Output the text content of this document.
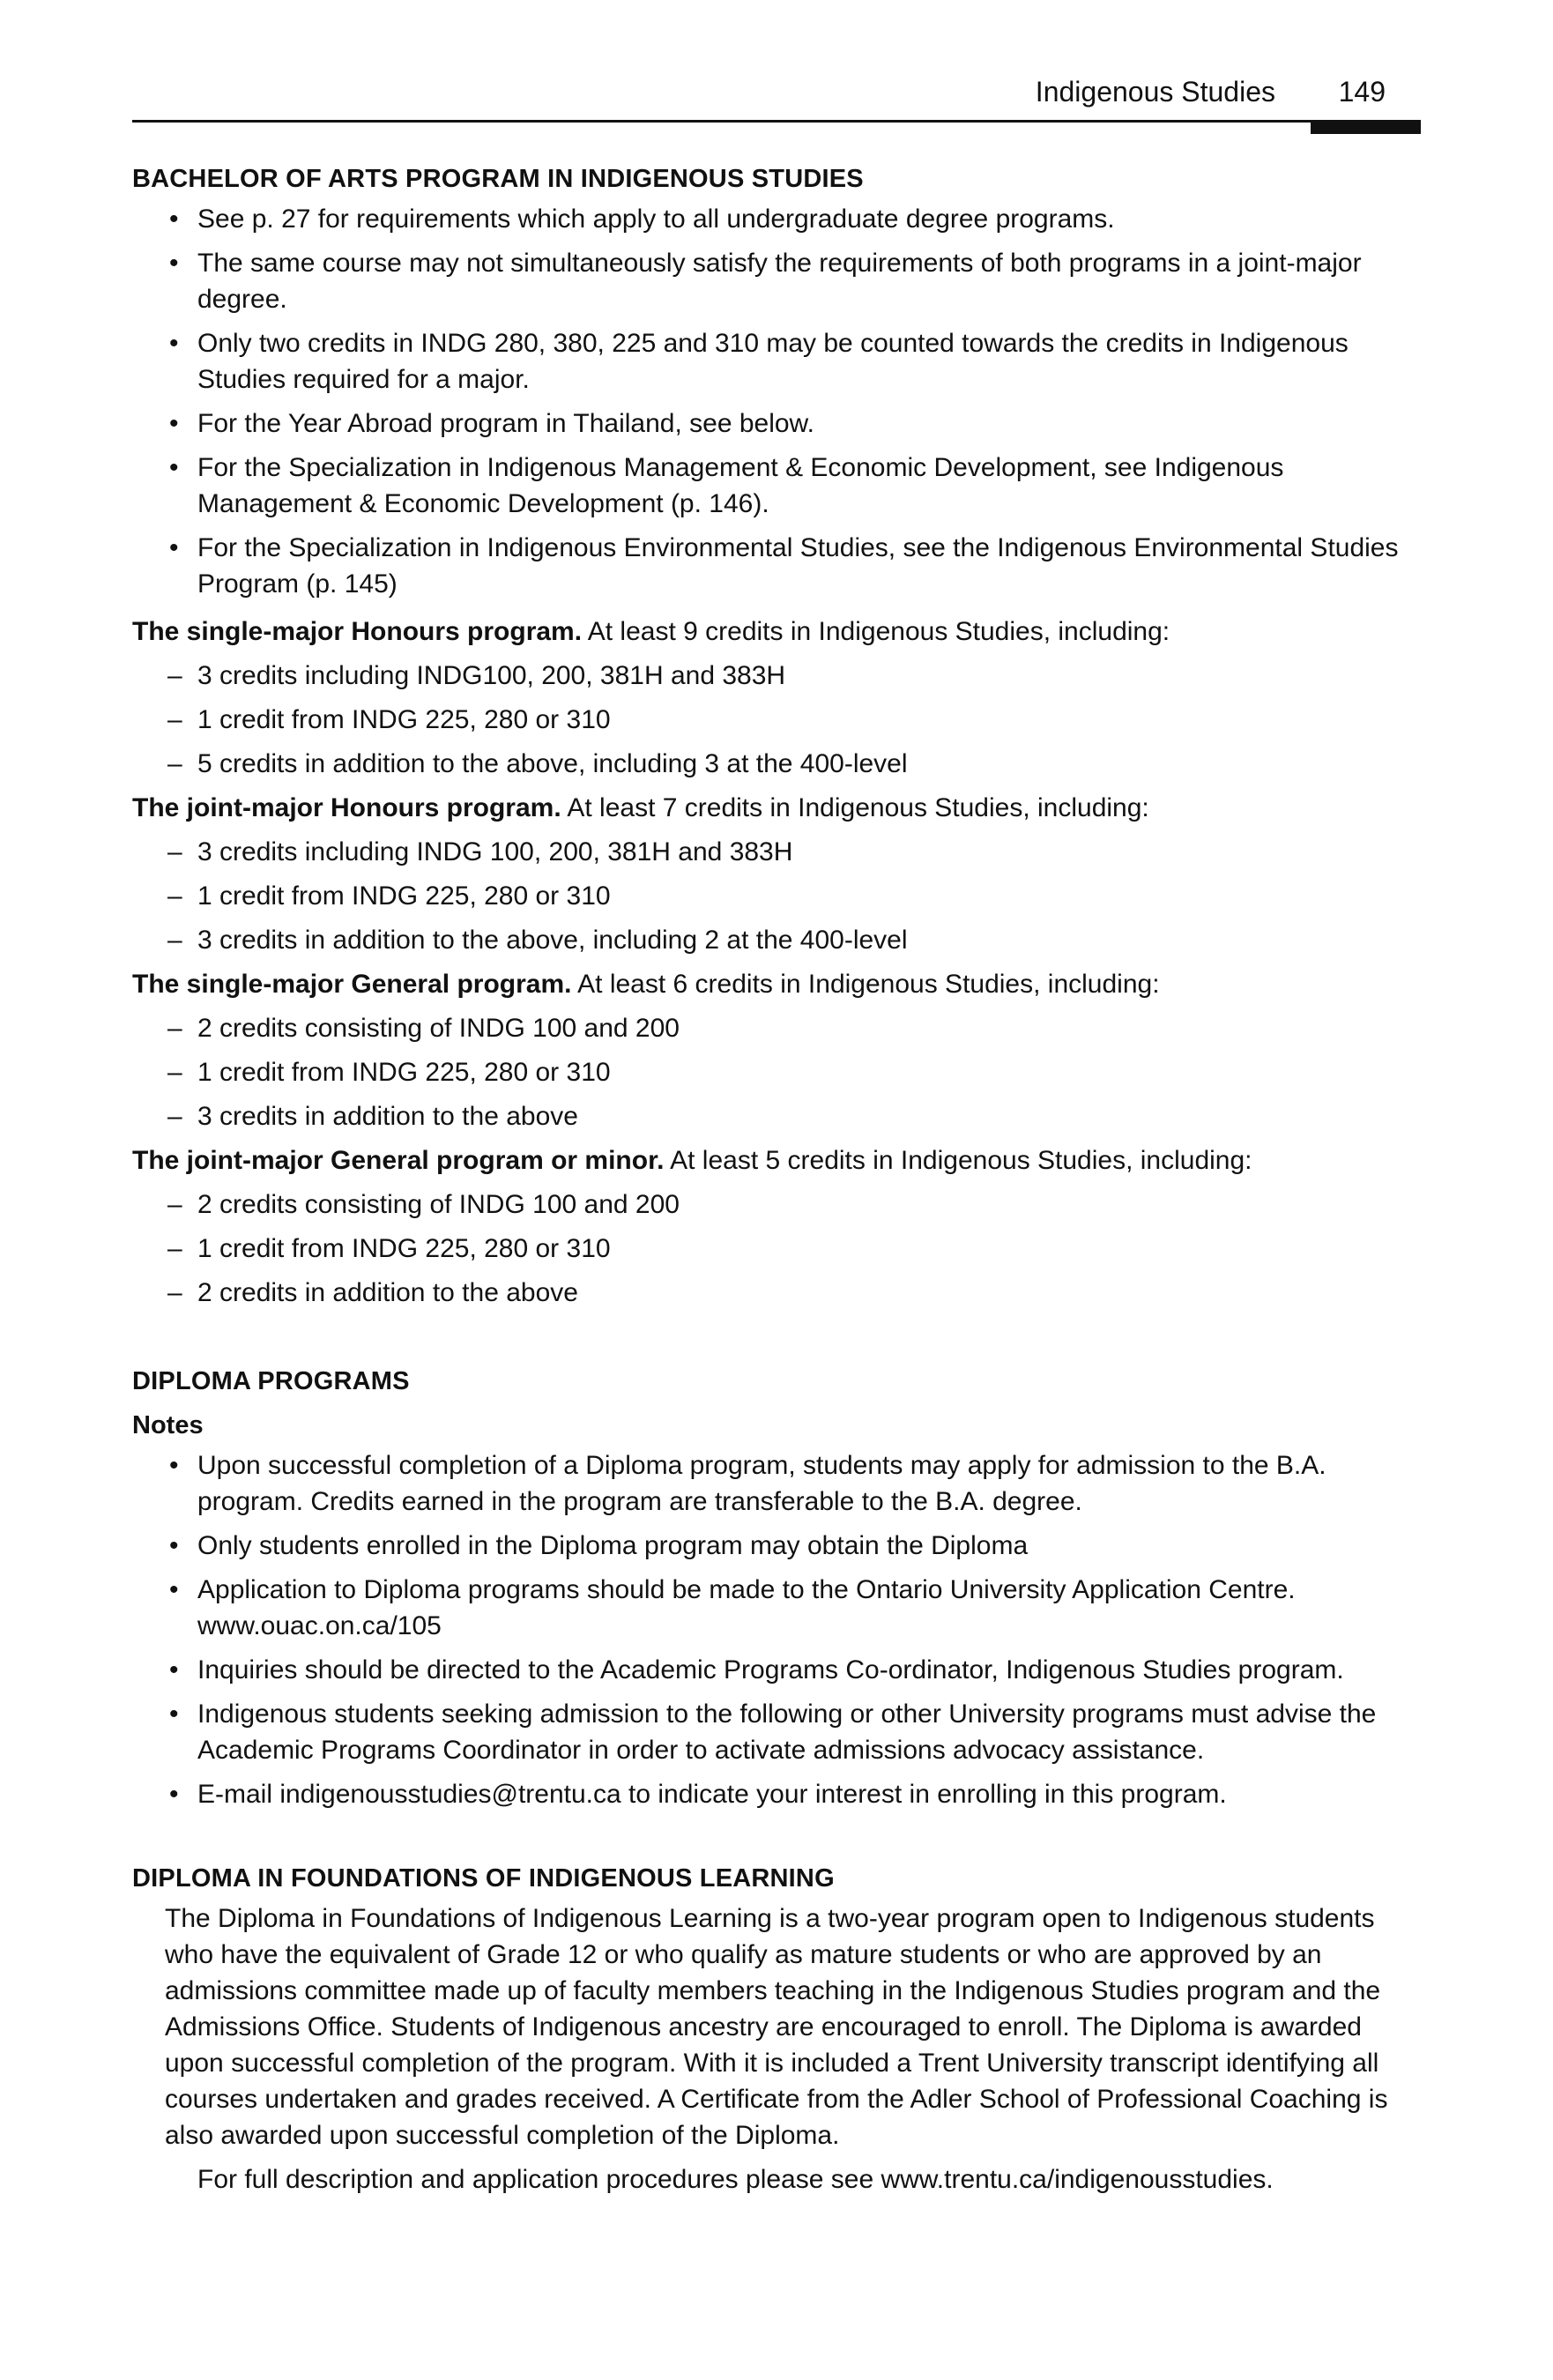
Indigenous Studies 149
BACHELOR OF ARTS PROGRAM IN INDIGENOUS STUDIES
• See p. 27 for requirements which apply to all undergraduate degree programs.
• The same course may not simultaneously satisfy the requirements of both programs in a joint-major degree.
• Only two credits in INDG 280, 380, 225 and 310 may be counted towards the credits in Indigenous Studies required for a major.
• For the Year Abroad program in Thailand, see below.
• For the Specialization in Indigenous Management & Economic Development, see Indigenous Management & Economic Development (p. 146).
• For the Specialization in Indigenous Environmental Studies, see the Indigenous Environmental Studies Program (p. 145)

The single-major Honours program. At least 9 credits in Indigenous Studies, including:

– 3 credits including INDG100, 200, 381H and 383H
– 1 credit from INDG 225, 280 or 310
– 5 credits in addition to the above, including 3 at the 400-level

The joint-major Honours program. At least 7 credits in Indigenous Studies, including:

– 3 credits including INDG 100, 200, 381H and 383H
– 1 credit from INDG 225, 280 or 310
– 3 credits in addition to the above, including 2 at the 400-level

The single-major General program. At least 6 credits in Indigenous Studies, including:

– 2 credits consisting of INDG 100 and 200
– 1 credit from INDG 225, 280 or 310
– 3 credits in addition to the above

The joint-major General program or minor. At least 5 credits in Indigenous Studies, including:

– 2 credits consisting of INDG 100 and 200
– 1 credit from INDG 225, 280 or 310
– 2 credits in addition to the above
DIPLOMA PROGRAMS
Notes
• Upon successful completion of a Diploma program, students may apply for admission to the B.A. program. Credits earned in the program are transferable to the B.A. degree.
• Only students enrolled in the Diploma program may obtain the Diploma
• Application to Diploma programs should be made to the Ontario University Application Centre. www.ouac.on.ca/105
• Inquiries should be directed to the Academic Programs Co-ordinator, Indigenous Studies program.
• Indigenous students seeking admission to the following or other University programs must advise the Academic Programs Coordinator in order to activate admissions advocacy assistance.
• E-mail indigenousstudies@trentu.ca to indicate your interest in enrolling in this program.
DIPLOMA IN FOUNDATIONS OF INDIGENOUS LEARNING

The Diploma in Foundations of Indigenous Learning is a two-year program open to Indigenous students who have the equivalent of Grade 12 or who qualify as mature students or who are approved by an admissions committee made up of faculty members teaching in the Indigenous Studies program and the Admissions Office. Students of Indigenous ancestry are encouraged to enroll. The Diploma is awarded upon successful completion of the program. With it is included a Trent University transcript identifying all courses undertaken and grades received. A Certificate from the Adler School of Professional Coaching is also awarded upon successful completion of the Diploma.

For full description and application procedures please see www.trentu.ca/indigenousstudies.
